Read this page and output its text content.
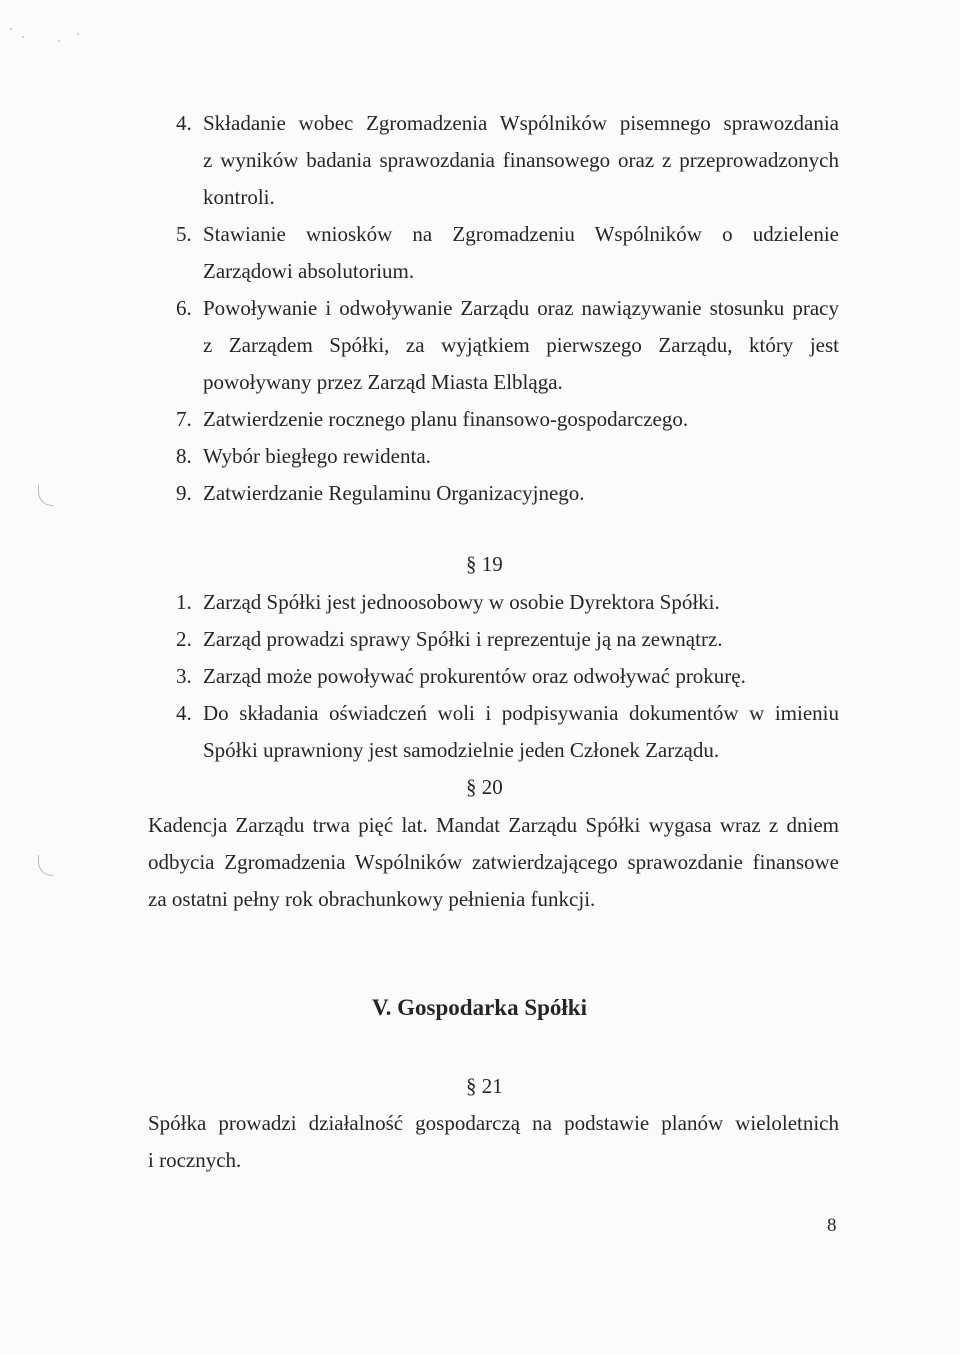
4. Składanie wobec Zgromadzenia Wspólników pisemnego sprawozdania
z wyników badania sprawozdania finansowego oraz z przeprowadzonych
kontroli.
5. Stawianie wniosków na Zgromadzeniu Wspólników o udzielenie
Zarządowi absolutorium.
6. Powoływanie i odwoływanie Zarządu oraz nawiązywanie stosunku pracy
z Zarządem Spółki, za wyjątkiem pierwszego Zarządu, który jest
powoływany przez Zarząd Miasta Elbląga.
7. Zatwierdzenie rocznego planu finansowo-gospodarczego.
8. Wybór biegłego rewidenta.
9. Zatwierdzanie Regulaminu Organizacyjnego.
§ 19
1. Zarząd Spółki jest jednoosobowy w osobie Dyrektora Spółki.
2. Zarząd prowadzi sprawy Spółki i reprezentuje ją na zewnątrz.
3. Zarząd może powoływać prokurentów oraz odwoływać prokurę.
4. Do składania oświadczeń woli i podpisywania dokumentów w imieniu
Spółki uprawniony jest samodzielnie jeden Członek Zarządu.
§ 20
Kadencja Zarządu trwa pięć lat. Mandat Zarządu Spółki wygasa wraz z dniem
odbycia Zgromadzenia Wspólników zatwierdzającego sprawozdanie finansowe
za ostatni pełny rok obrachunkowy pełnienia funkcji.
V. Gospodarka Spółki
§ 21
Spółka prowadzi działalność gospodarczą na podstawie planów wieloletnich
i rocznych.
8
